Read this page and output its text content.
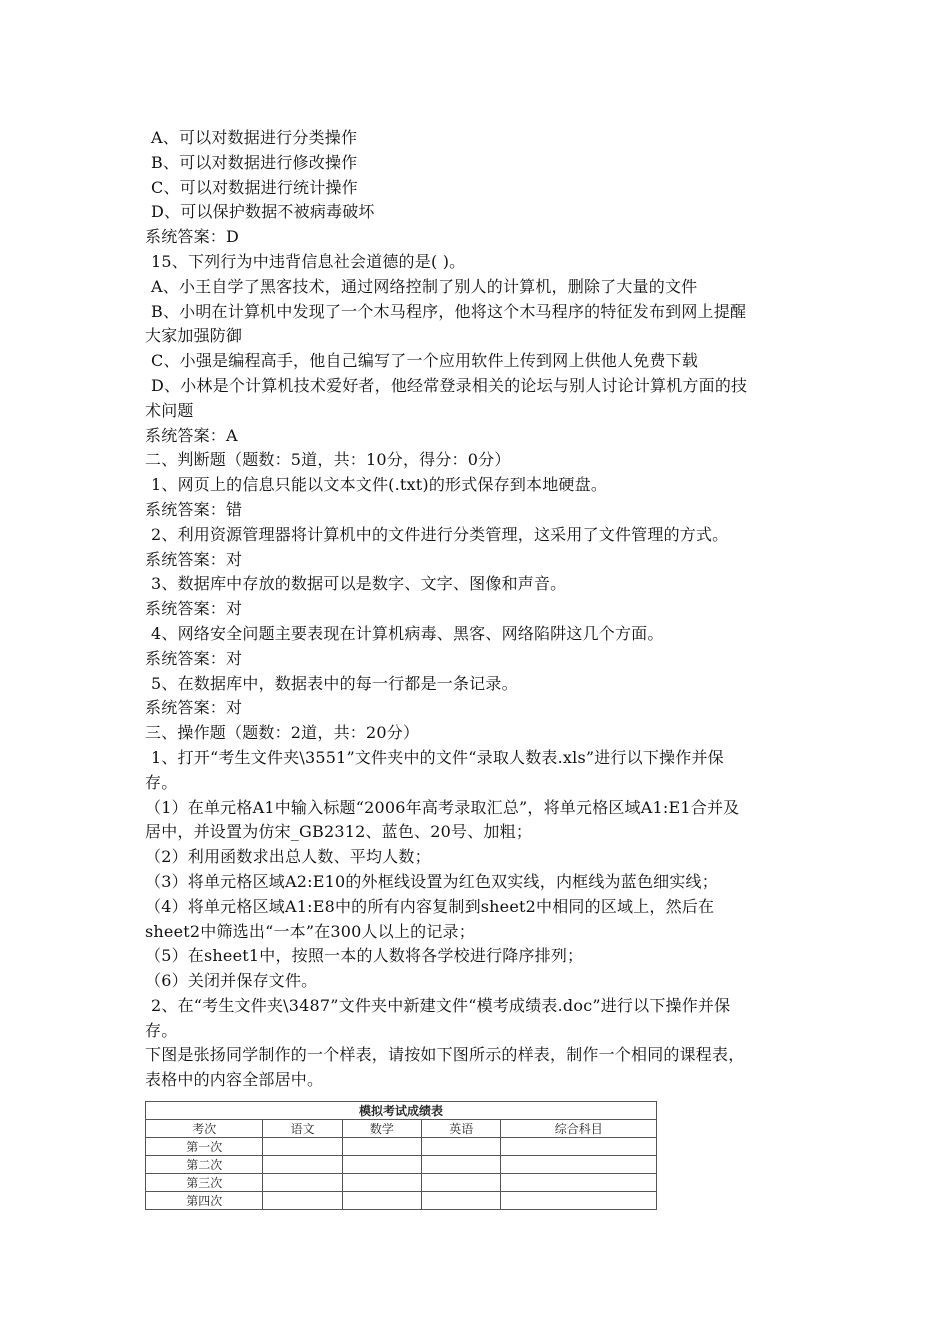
A、可以对数据进行分类操作

B、可以对数据进行修改操作

C、可以对数据进行统计操作

D、可以保护数据不被病毒破坏

系统答案：D

15、下列行为中违背信息社会道德的是( )。

A、小王自学了黑客技术，通过网络控制了别人的计算机，删除了大量的文件

B、小明在计算机中发现了一个木马程序，他将这个木马程序的特征发布到网上提醒

大家加强防御

C、小强是编程高手，他自己编写了一个应用软件上传到网上供他人免费下载

D、小林是个计算机技术爱好者，他经常登录相关的论坛与别人讨论计算机方面的技

术问题

系统答案：A

二、判断题（题数：5道，共：10分，得分：0分）

1、网页上的信息只能以文本文件(.txt)的形式保存到本地硬盘。

系统答案：错

2、利用资源管理器将计算机中的文件进行分类管理，这采用了文件管理的方式。

系统答案：对

3、数据库中存放的数据可以是数字、文字、图像和声音。

系统答案：对

4、网络安全问题主要表现在计算机病毒、黑客、网络陷阱这几个方面。

系统答案：对

5、在数据库中，数据表中的每一行都是一条记录。

系统答案：对

三、操作题（题数：2道，共：20分）

1、打开“考生文件夹\3551”文件夹中的文件“录取人数表.xls”进行以下操作并保

存。

（1）在单元格A1中输入标题“2006年高考录取汇总”，将单元格区域A1:E1合并及

居中，并设置为仿宋_GB2312、蓝色、20号、加粗；

（2）利用函数求出总人数、平均人数；

（3）将单元格区域A2:E10的外框线设置为红色双实线，内框线为蓝色细实线；

（4）将单元格区域A1:E8中的所有内容复制到sheet2中相同的区域上，然后在

sheet2中筛选出“一本”在300人以上的记录；

（5）在sheet1中，按照一本的人数将各学校进行降序排列；

（6）关闭并保存文件。

2、在“考生文件夹\3487”文件夹中新建文件“模考成绩表.doc”进行以下操作并保

存。

下图是张扬同学制作的一个样表，请按如下图所示的样表，制作一个相同的课程表，

表格中的内容全部居中。

模拟考试成绩表				
考次	语文	数学	英语	综合科目
第一次				
第二次				
第三次				
第四次				
